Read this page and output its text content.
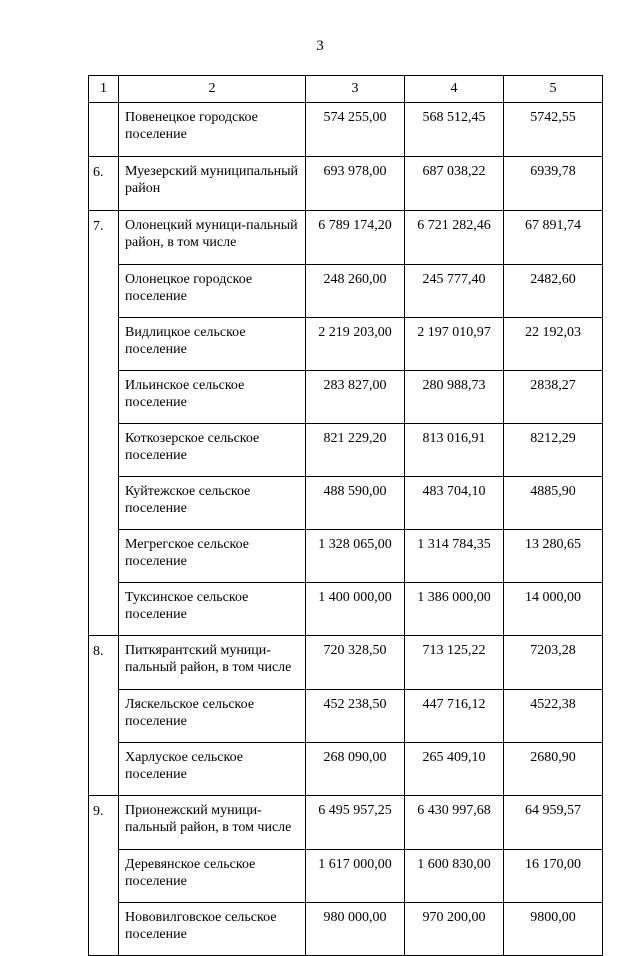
3
1	2	3	4	5
	Повенецкое городское поселение	574 255,00	568 512,45	5742,55
6.	Муезерский муниципальный район	693 978,00	687 038,22	6939,78
7.	Олонецкий муници-пальный район, в том числе	6 789 174,20	6 721 282,46	67 891,74
	Олонецкое городское поселение	248 260,00	245 777,40	2482,60
	Видлицкое сельское поселение	2 219 203,00	2 197 010,97	22 192,03
	Ильинское сельское поселение	283 827,00	280 988,73	2838,27
	Коткозерское сельское поселение	821 229,20	813 016,91	8212,29
	Куйтежское сельское поселение	488 590,00	483 704,10	4885,90
	Мегрегское сельское поселение	1 328 065,00	1 314 784,35	13 280,65
	Туксинское сельское поселение	1 400 000,00	1 386 000,00	14 000,00
8.	Питкярантский муници-пальный район, в том числе	720 328,50	713 125,22	7203,28
	Ляскельское сельское поселение	452 238,50	447 716,12	4522,38
	Харлуское сельское поселение	268 090,00	265 409,10	2680,90
9.	Прионежский муници-пальный район, в том числе	6 495 957,25	6 430 997,68	64 959,57
	Деревянское сельское поселение	1 617 000,00	1 600 830,00	16 170,00
	Нововилговское сельское поселение	980 000,00	970 200,00	9800,00
